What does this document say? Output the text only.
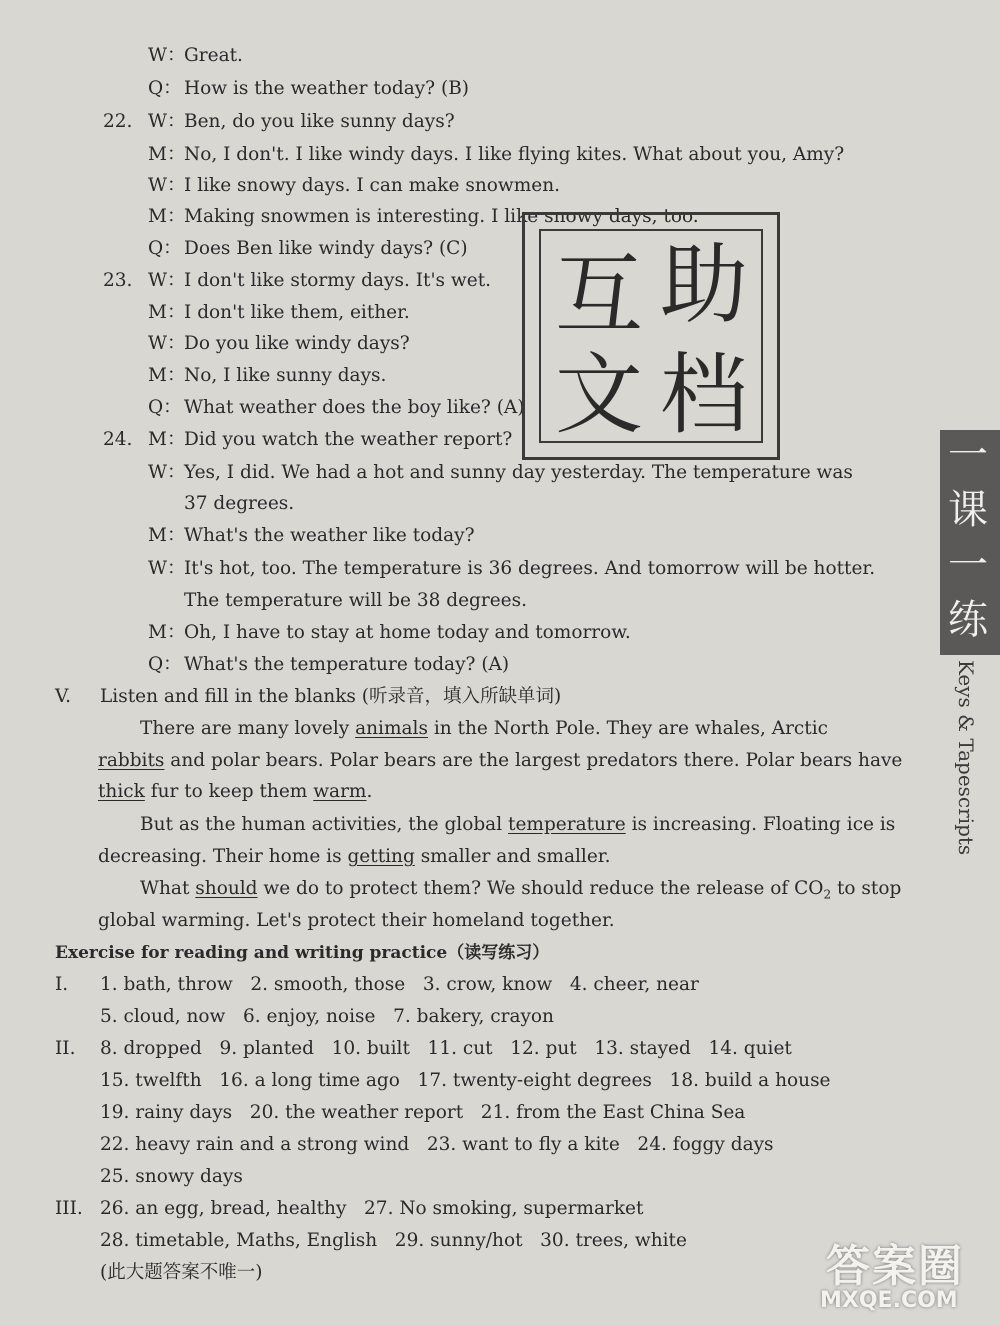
W：Great.
Q： How is the weather today? (B)
22. W：Ben, do you like sunny days?
M：No, I don't. I like windy days. I like flying kites. What about you, Amy?
W：I like snowy days. I can make snowmen.
M：Making snowmen is interesting. I like snowy days, too.
Q： Does Ben like windy days? (C)
23. W：I don't like stormy days. It's wet.
M：I don't like them, either.
W：Do you like windy days?
M：No, I like sunny days.
Q： What weather does the boy like? (A)
24. M：Did you watch the weather report?
W：Yes, I did. We had a hot and sunny day yesterday. The temperature was
37 degrees.
M：What's the weather like today?
W：It's hot, too. The temperature is 36 degrees. And tomorrow will be hotter.
The temperature will be 38 degrees.
M：Oh, I have to stay at home today and tomorrow.
Q： What's the temperature today? (A)
V. Listen and fill in the blanks (听录音，填入所缺单词)
There are many lovely animals in the North Pole. They are whales, Arctic
rabbits and polar bears. Polar bears are the largest predators there. Polar bears have
thick fur to keep them warm.
But as the human activities, the global temperature is increasing. Floating ice is
decreasing. Their home is getting smaller and smaller.
What should we do to protect them? We should reduce the release of $CO_2$ to stop
global warming. Let's protect their homeland together.
Exercise for reading and writing practice（读写练习）
I. 1. bath, throw   2. smooth, those   3. crow, know   4. cheer, near
5. cloud, now   6. enjoy, noise   7. bakery, crayon
II. 8. dropped   9. planted   10. built   11. cut   12. put   13. stayed   14. quiet
15. twelfth   16. a long time ago   17. twenty-eight degrees   18. build a house
19. rainy days   20. the weather report   21. from the East China Sea
22. heavy rain and a strong wind   23. want to fly a kite   24. foggy days
25. snowy days
III. 26. an egg, bread, healthy   27. No smoking, supermarket
28. timetable, Maths, English   29. sunny/hot   30. trees, white
(此大题答案不唯一)
互 助
文 档
一
课
一
练
Keys & Tapescripts
答案圈
MXQE.COM
